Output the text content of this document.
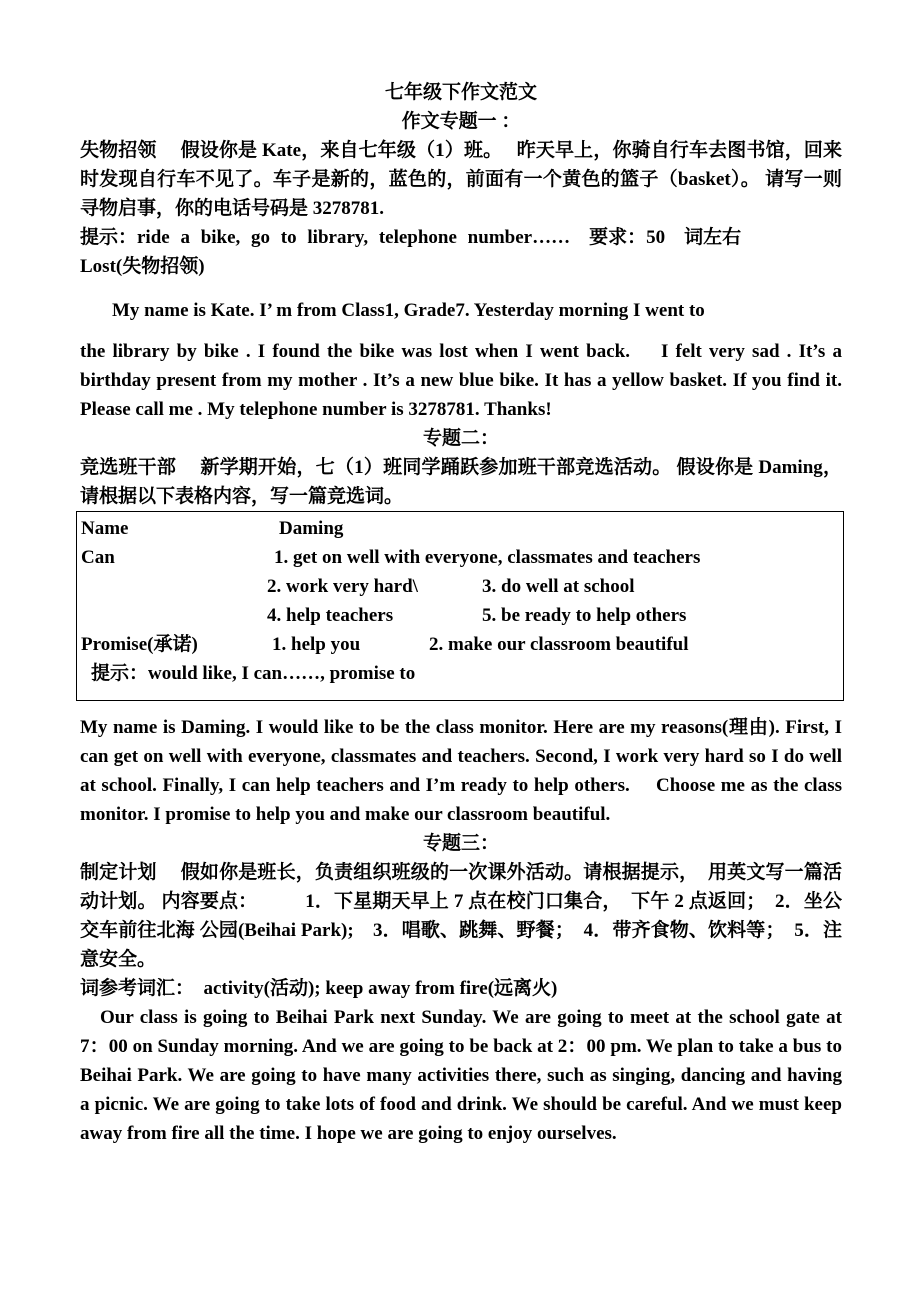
七年级下作文范文

作文专题一 ：

失物招领　 假设你是 Kate，来自七年级（1）班。　 昨天早上，你骑自行车去图书馆，回来时发现自行车不见了。车子是新的，蓝色的，前面有一个黄色的篮子（basket）。 请写一则寻物启事，你的电话号码是 3278781.

提示：ride a bike, go to library, telephone number……　要求：50　词左右

Lost(失物招领)

My name is Kate. I’ m from Class1, Grade7. Yesterday morning I went to

the library by bike . I found the bike was lost when I went back.　 I felt very sad . It’s a birthday present from my mother . It’s a new blue bike. It has a yellow basket. If you find it. Please call me . My telephone number is 3278781. Thanks!

专题二：

竞选班干部　 新学期开始，七（1）班同学踊跃参加班干部竞选活动。 假设你是 Daming，请根据以下表格内容，写一篇竞选词。

Name	Daming
Can	1. get on well with everyone, classmates and teachers
2. work very hard\	3. do well at school
4. help teachers	5. be ready to help others
Promise(承诺)	1. help you	2. make our classroom beautiful
提示：would like, I can……, promise to

My name is Daming. I would like to be the class monitor. Here are my reasons(理由). First, I can get on well with everyone, classmates and teachers. Second, I work very hard so I do well at school. Finally, I can help teachers and I’m ready to help others.　 Choose me as the class monitor. I promise to help you and make our classroom beautiful.

专题三：

制定计划　 假如你是班长，负责组织班级的一次课外活动。请根据提示，　用英文写一篇活动计划。 内容要点：　　　1．下星期天早上 7 点在校门口集合，　下午 2 点返回；　2．坐公交车前往北海 公园(Beihai Park);　3．唱歌、跳舞、野餐；　4．带齐食物、饮料等；　5．注意安全。

词参考词汇：　activity(活动); keep away from fire(远离火)

Our class is going to Beihai Park next Sunday. We are going to meet at the school gate at 7：00 on Sunday morning. And we are going to be back at 2：00 pm. We plan to take a bus to Beihai Park. We are going to have many activities there, such as singing, dancing and having a picnic. We are going to take lots of food and drink. We should be careful. And we must keep away from fire all the time. I hope we are going to enjoy ourselves.
